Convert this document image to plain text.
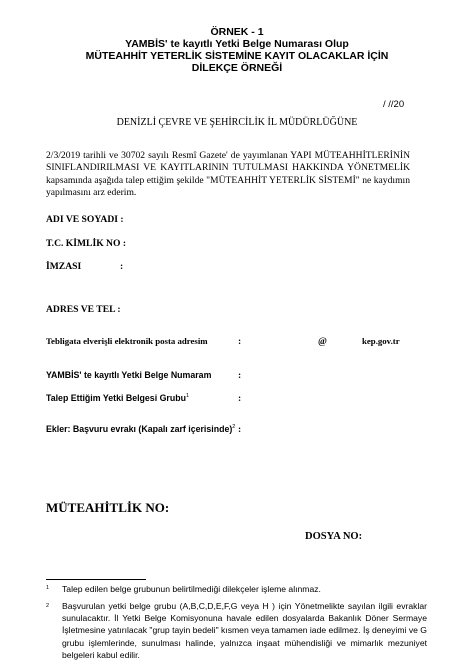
ÖRNEK - 1
YAMBİS' te kayıtlı Yetki Belge Numarası Olup
MÜTEAHHİT YETERLİK SİSTEMİNE KAYIT OLACAKLAR İÇİN
DİLEKÇE ÖRNEĞİ
/ //20
DENİZLİ ÇEVRE VE ŞEHİRCİLİK İL MÜDÜRLÜĞÜNE
2/3/2019 tarihli ve 30702 sayılı Resmî Gazete' de yayımlanan YAPI MÜTEAHHİTLERİNİN SINIFLANDIRILMASI VE KAYITLARININ TUTULMASI HAKKINDA YÖNETMELİK kapsamında aşağıda talep ettiğim şekilde "MÜTEAHHİT YETERLİK SİSTEMİ" ne kaydımın yapılmasını arz ederim.
ADI VE SOYADI :
T.C. KİMLİK NO :
İMZASI	:
ADRES VE TEL :
Tebligata elverişli elektronik posta adresim	:	@	kep.gov.tr
YAMBİS' te kayıtlı Yetki Belge Numaram	:
Talep Ettiğim Yetki Belgesi Grubu$^1$	:
Ekler: Başvuru evrakı (Kapalı zarf içerisinde)$^2$ :
MÜTEAHİTLİK NO:
DOSYA NO:
1	Talep edilen belge grubunun belirtilmediği dilekçeler işleme alınmaz.
2	Başvurulan yetki belge grubu (A,B,C,D,E,F,G veya H ) için Yönetmelikte sayılan ilgili evraklar sunulacaktır. İl Yetki Belge Komisyonuna havale edilen dosyalarda Bakanlık Döner Sermaye İşletmesine yatırılacak "grup tayin bedeli" kısmen veya tamamen iade edilmez. İş deneyimi ve G grubu işlemlerinde, sunulması halinde, yalnızca inşaat mühendisliği ve mimarlık mezuniyet belgeleri kabul edilir.
